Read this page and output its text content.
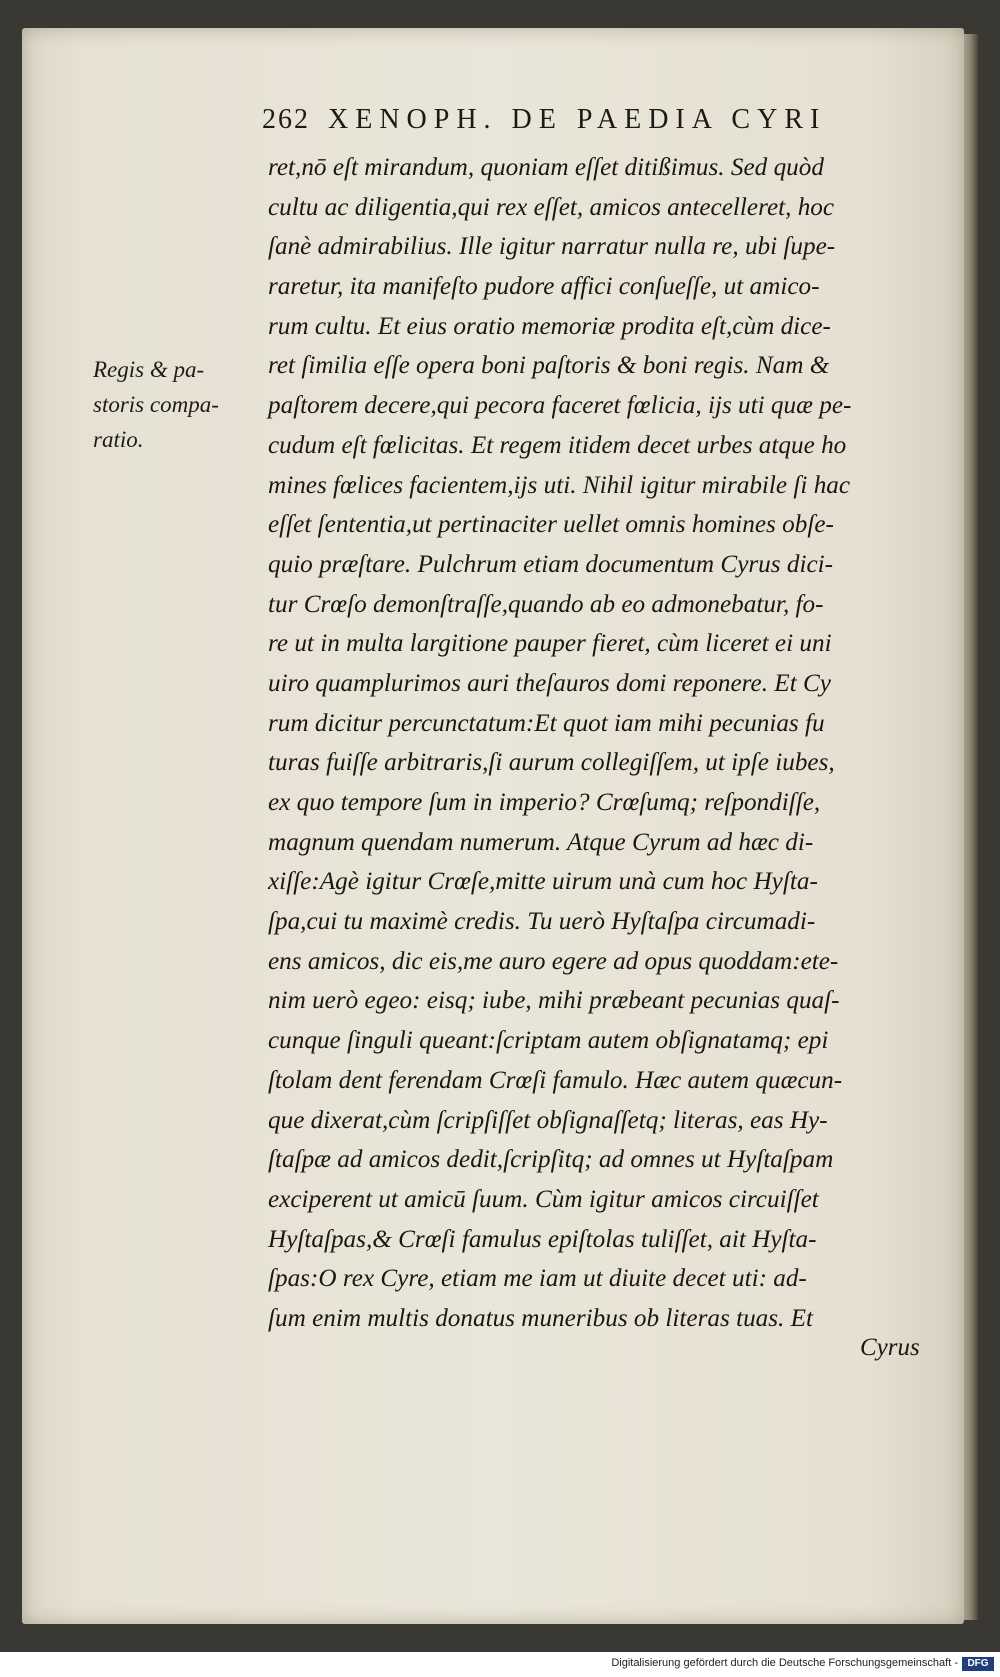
262 XENOPH. DE PAEDIA CYRI
Regis & pa-
storis compa-
ratio.
ret,nō eſt mirandum, quoniam eſſet ditißimus. Sed quòd
cultu ac diligentia,qui rex eſſet, amicos antecelleret, hoc
ſanè admirabilius. Ille igitur narratur nulla re, ubi ſupe-
raretur, ita manifeſto pudore affici conſueſſe, ut amico-
rum cultu. Et eius oratio memoriæ prodita eſt,cùm dice-
ret ſimilia eſſe opera boni paſtoris & boni regis. Nam &
paſtorem decere,qui pecora faceret fœlicia, ijs uti quæ pe-
cudum eſt fœlicitas. Et regem itidem decet urbes atque ho
mines fœlices facientem,ijs uti. Nihil igitur mirabile ſi hac
eſſet ſententia,ut pertinaciter uellet omnis homines obſe-
quio præſtare. Pulchrum etiam documentum Cyrus dici-
tur Crœſo demonſtraſſe,quando ab eo admonebatur, fo-
re ut in multa largitione pauper fieret, cùm liceret ei uni
uiro quamplurimos auri theſauros domi reponere. Et Cy
rum dicitur percunctatum:Et quot iam mihi pecunias fu
turas fuiſſe arbitraris,ſi aurum collegiſſem, ut ipſe iubes,
ex quo tempore ſum in imperio? Crœſumq; reſpondiſſe,
magnum quendam numerum. Atque Cyrum ad hæc di-
xiſſe:Agè igitur Crœſe,mitte uirum unà cum hoc Hyſta-
ſpa,cui tu maximè credis. Tu uerò Hyſtaſpa circumadi-
ens amicos, dic eis,me auro egere ad opus quoddam:ete-
nim uerò egeo: eisq; iube, mihi præbeant pecunias quaſ-
cunque ſinguli queant:ſcriptam autem obſignatamq; epi
ſtolam dent ferendam Crœſi famulo. Hæc autem quæcun-
que dixerat,cùm ſcripſiſſet obſignaſſetq; literas, eas Hy-
ſtaſpæ ad amicos dedit,ſcripſitq; ad omnes ut Hyſtaſpam
exciperent ut amicū ſuum. Cùm igitur amicos circuiſſet
Hyſtaſpas,& Crœſi famulus epiſtolas tuliſſet, ait Hyſta-
ſpas:O rex Cyre, etiam me iam ut diuite decet uti: ad-
ſum enim multis donatus muneribus ob literas tuas. Et
Cyrus
Digitalisierung gefördert durch die Deutsche Forschungsgemeinschaft - DFG
